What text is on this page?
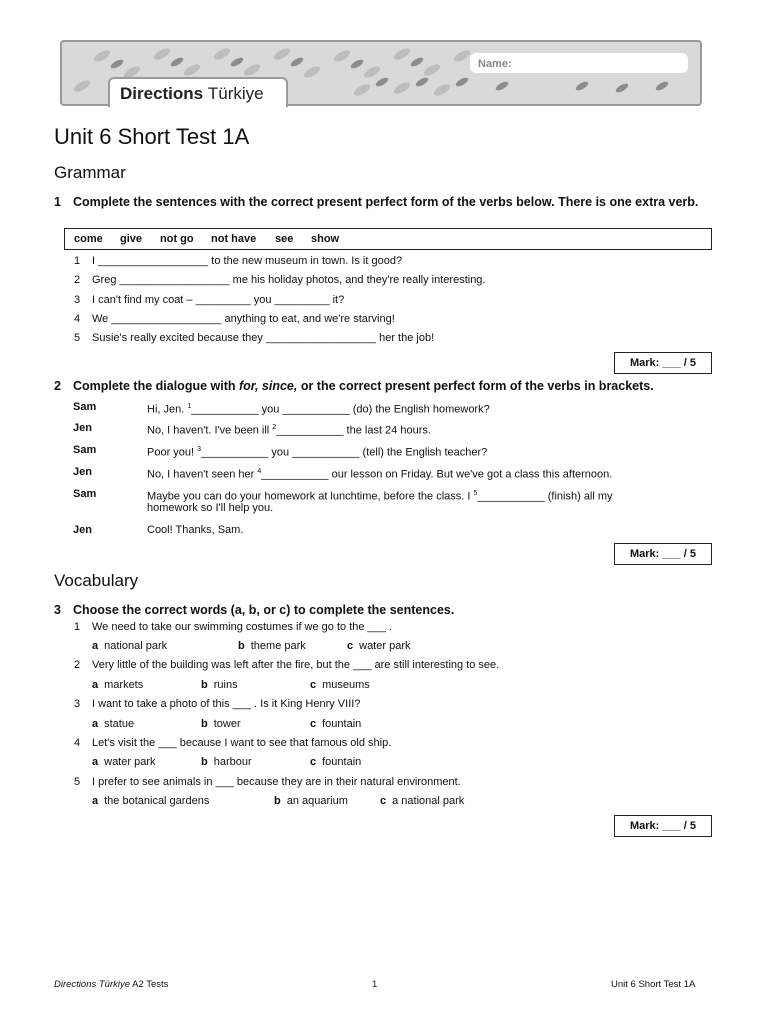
Name:
Directions Türkiye
Unit 6 Short Test 1A
Grammar
1 Complete the sentences with the correct present perfect form of the verbs below. There is one extra verb.
come give not go not have see show
1 I __________________ to the new museum in town. Is it good?
2 Greg __________________ me his holiday photos, and they're really interesting.
3 I can't find my coat – _________ you _________ it?
4 We __________________ anything to eat, and we're starving!
5 Susie's really excited because they __________________ her the job!
Mark: ___ / 5
2 Complete the dialogue with for, since, or the correct present perfect form of the verbs in brackets.
Sam	Hi, Jen. $^1$___________ you ___________ (do) the English homework?
Jen	No, I haven't. I've been ill $^2$___________ the last 24 hours.
Sam	Poor you! $^3$___________ you ___________ (tell) the English teacher?
Jen	No, I haven't seen her $^4$___________ our lesson on Friday. But we've got a class this afternoon.
Sam	Maybe you can do your homework at lunchtime, before the class. I $^5$___________ (finish) all my
homework so I'll help you.
Jen	Cool! Thanks, Sam.
Mark: ___ / 5
Vocabulary
3 Choose the correct words (a, b, or c) to complete the sentences.
1 We need to take our swimming costumes if we go to the ___ .
a national park	b theme park	c water park
2 Very little of the building was left after the fire, but the ___ are still interesting to see.
a markets	b ruins	c museums
3 I want to take a photo of this ___ . Is it King Henry VIII?
a statue	b tower	c fountain
4 Let's visit the ___ because I want to see that famous old ship.
a water park	b harbour	c fountain
5 I prefer to see animals in ___ because they are in their natural environment.
a the botanical gardens	b an aquarium	c a national park
Mark: ___ / 5
Directions Türkiye A2 Tests	1	Unit 6 Short Test 1A
